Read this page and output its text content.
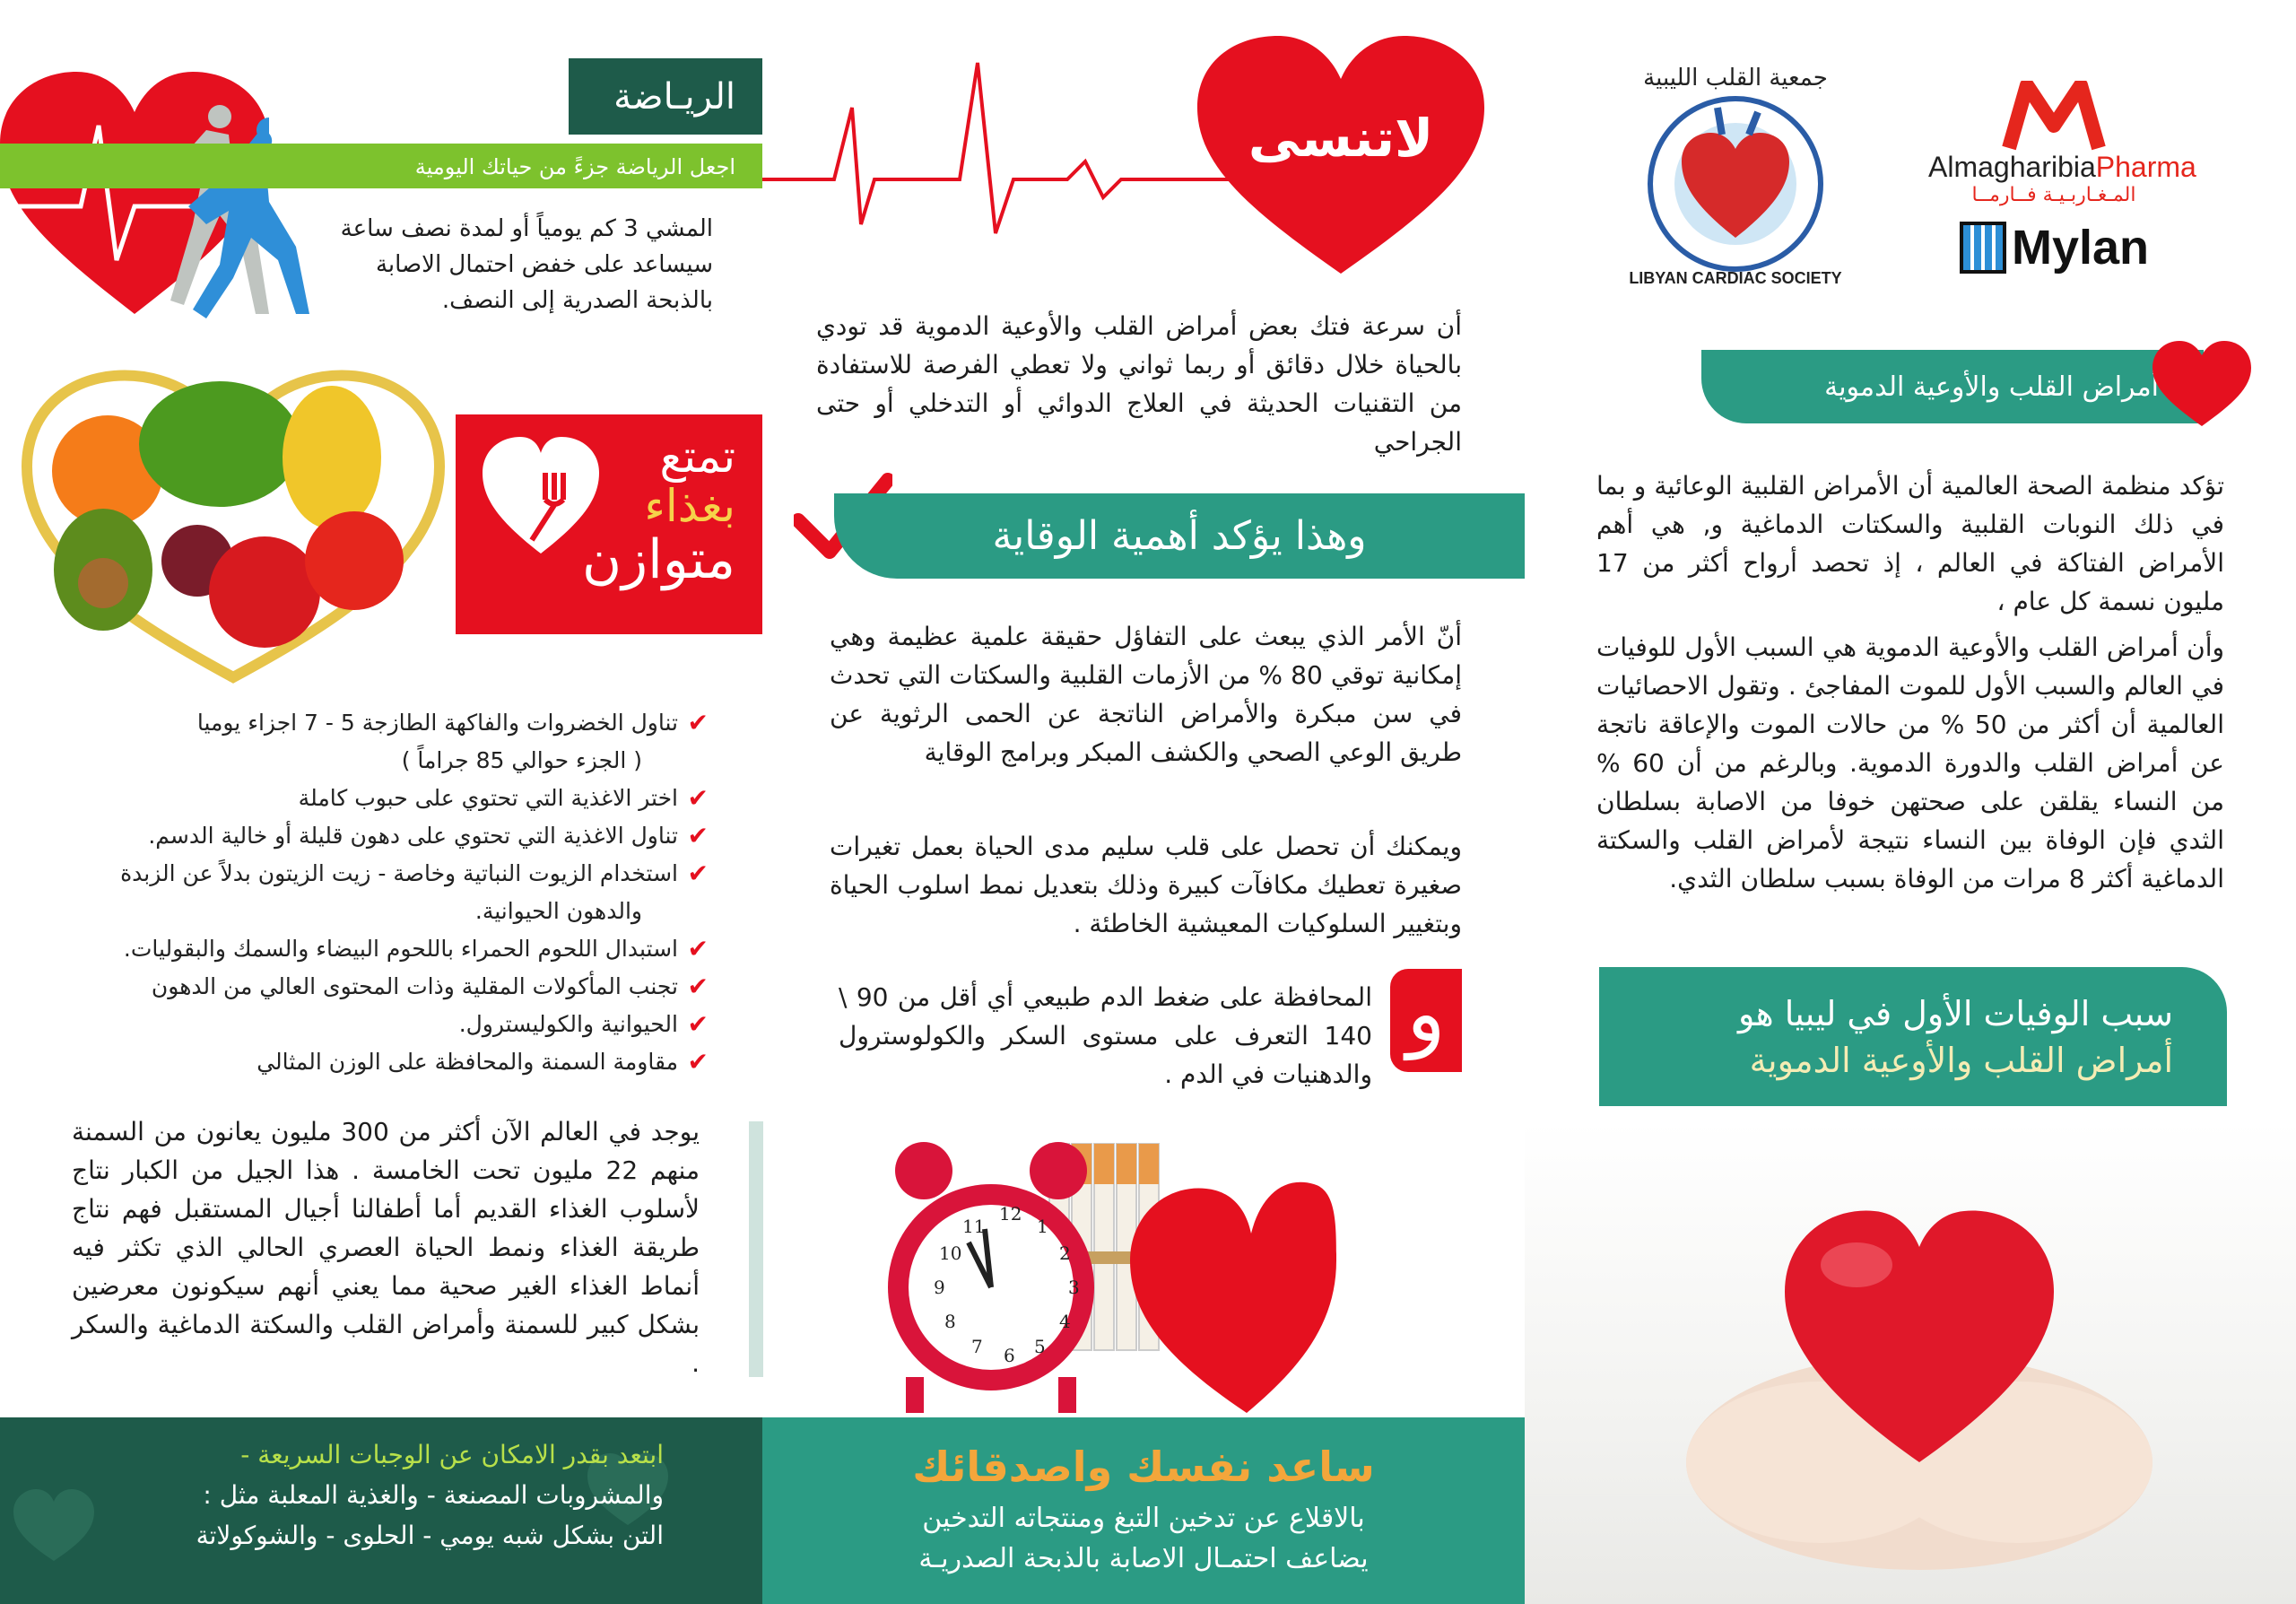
الريـاضة
اجعل الرياضة جزءً من حياتك اليومية
المشي 3 كم يومياً أو لمدة نصف ساعة سيساعد على خفض احتمال الاصابة بالذبحة الصدرية إلى النصف.
تمتع
بغذاء
متوازن
✔
تناول الخضروات والفاكهة الطازجة 5 - 7 اجزاء يوميا
( الجزء حوالي 85 جراماً )
✔
اختر الاغذية التي تحتوي على حبوب كاملة
✔
تناول الاغذية التي تحتوي على دهون قليلة أو خالية الدسم.
✔
استخدام الزيوت النباتية وخاصة - زيت الزيتون بدلاً عن الزبدة
والدهون الحيوانية.
✔
استبدال اللحوم الحمراء باللحوم البيضاء والسمك والبقوليات.
✔
تجنب المأكولات المقلية وذات المحتوى العالي من الدهون
✔
الحيوانية والكوليسترول.
✔
مقاومة السمنة والمحافظة على الوزن المثالي
يوجد في العالم الآن أكثر من 300 مليون يعانون من السمنة منهم 22 مليون تحت الخامسة . هذا الجيل من الكبار نتاج لأسلوب الغذاء القديم أما أطفالنا أجيال المستقبل فهم نتاج طريقة الغذاء ونمط الحياة العصري الحالي الذي تكثر فيه أنماط الغذاء الغير صحية مما يعني أنهم سيكونون معرضين بشكل كبير للسمنة وأمراض القلب والسكتة الدماغية والسكر .
ابتعد بقدر الامكان عن الوجبات السريعة -
والمشروبات المصنعة - والغذية المعلبة مثل :
التن بشكل شبه يومي - الحلوى - والشوكولاتة
لاتنسى
أن سرعة فتك بعض أمراض القلب والأوعية الدموية قد تودي بالحياة خلال دقائق أو ربما ثواني ولا تعطي الفرصة للاستفادة من التقنيات الحديثة في العلاج الدوائي أو التدخلي أو حتى الجراحي
وهذا يؤكد أهمية الوقاية
أنّ الأمر الذي يبعث على التفاؤل حقيقة علمية عظيمة وهي إمكانية توقي 80 % من الأزمات القلبية والسكتات التي تحدث في سن مبكرة والأمراض الناتجة عن الحمى الرثوية عن طريق الوعي الصحي والكشف المبكر وبرامج الوقاية
ويمكنك أن تحصل على قلب سليم مدى الحياة بعمل تغيرات صغيرة تعطيك مكافآت كبيرة وذلك بتعديل نمط اسلوب الحياة وبتغيير السلوكيات المعيشية الخاطئة .
و
المحافظة على ضغط الدم طبيعي أي أقل من 90 \ 140 التعرف على مستوى السكر والكولوسترول والدهنيات في الدم .
12
1
2
3
4
5
6
7
8
9
10
11
ساعد نفسك واصدقائك
بالاقلاع عن تدخين التبغ ومنتجاته التدخين
يضاعف احتمـال الاصابة بالذبحة الصدريـة
AlmagharibiaPharma
المـغـاربـيـة فــارمــا
Mylan
جمعية القلب الليبية
LIBYAN CARDIAC SOCIETY
أمراض القلب والأوعية الدموية
تؤكد منظمة الصحة العالمية أن الأمراض القلبية الوعائية و بما في ذلك النوبات القلبية والسكتات الدماغية و, هي أهم الأمراض الفتاكة في العالم ، إذ تحصد أرواح أكثر من 17 مليون نسمة كل عام ،
وأن أمراض القلب والأوعية الدموية هي السبب الأول للوفيات في العالم والسبب الأول للموت المفاجئ . وتقول الاحصائيات العالمية أن أكثر من 50 % من حالات الموت والإعاقة ناتجة عن أمراض القلب والدورة الدموية. وبالرغم من أن 60 % من النساء يقلقن على صحتهن خوفا من الاصابة بسلطان الثدي فإن الوفاة بين النساء نتيجة لأمراض القلب والسكتة الدماغية أكثر 8 مرات من الوفاة بسبب سلطان الثدي.
سبب الوفيات الأول في ليبيا هو
أمراض القلب والأوعية الدموية
